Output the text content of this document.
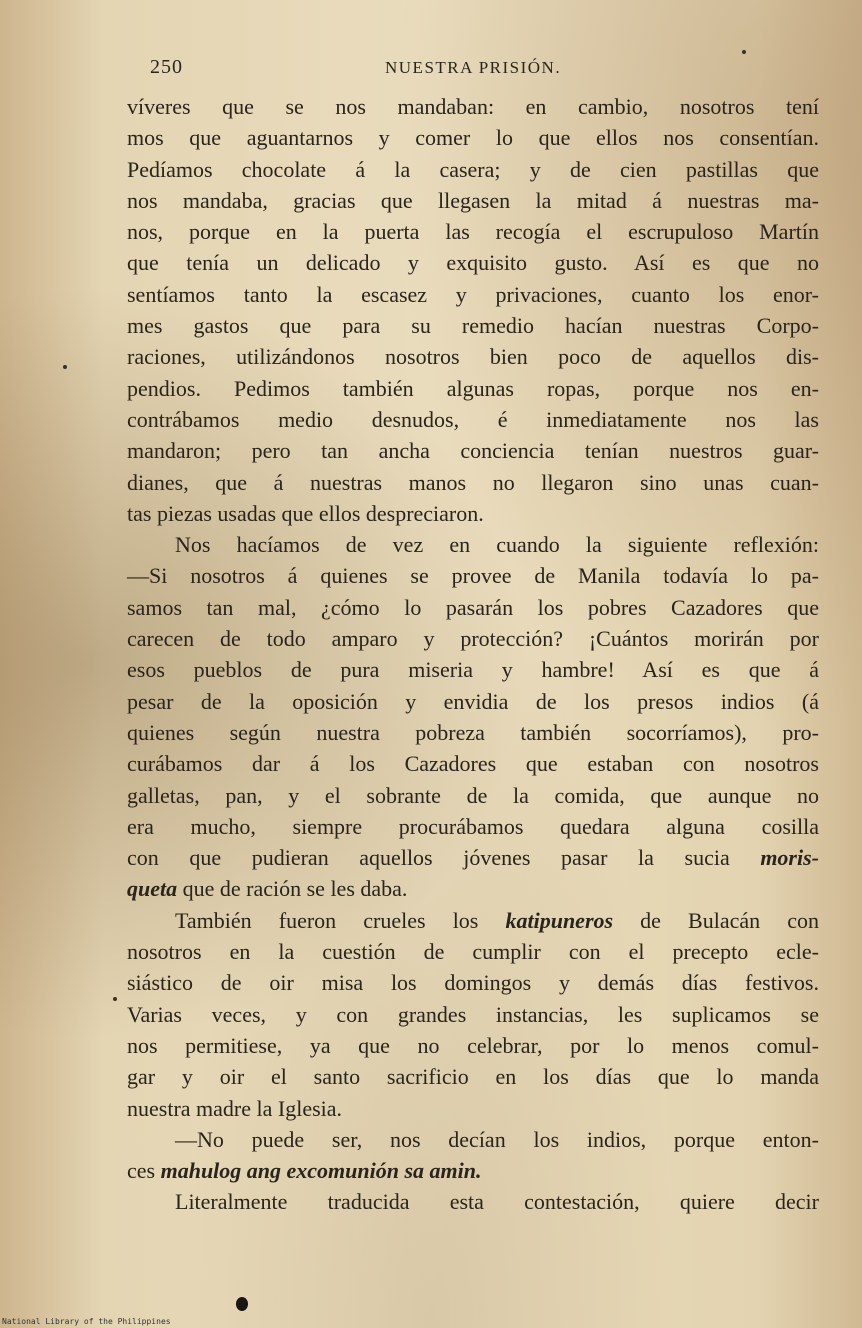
250	NUESTRA PRISIÓN.
víveres que se nos mandaban: en cambio, nosotros tení
mos que aguantarnos y comer lo que ellos nos consentían.
Pedíamos chocolate á la casera; y de cien pastillas que
nos mandaba, gracias que llegasen la mitad á nuestras ma-
nos, porque en la puerta las recogía el escrupuloso Martín
que tenía un delicado y exquisito gusto. Así es que no
sentíamos tanto la escasez y privaciones, cuanto los enor-
mes gastos que para su remedio hacían nuestras Corpo-
raciones, utilizándonos nosotros bien poco de aquellos dis-
pendios. Pedimos también algunas ropas, porque nos en-
contrábamos medio desnudos, é inmediatamente nos las
mandaron; pero tan ancha conciencia tenían nuestros guar-
dianes, que á nuestras manos no llegaron sino unas cuan-
tas piezas usadas que ellos despreciaron.
Nos hacíamos de vez en cuando la siguiente reflexión:
—Si nosotros á quienes se provee de Manila todavía lo pa-
samos tan mal, ¿cómo lo pasarán los pobres Cazadores que
carecen de todo amparo y protección? ¡Cuántos morirán por
esos pueblos de pura miseria y hambre! Así es que á
pesar de la oposición y envidia de los presos indios (á
quienes según nuestra pobreza también socorríamos), pro-
curábamos dar á los Cazadores que estaban con nosotros
galletas, pan, y el sobrante de la comida, que aunque no
era mucho, siempre procurábamos quedara alguna cosilla
con que pudieran aquellos jóvenes pasar la sucia moris-
queta que de ración se les daba.
También fueron crueles los katipuneros de Bulacán con
nosotros en la cuestión de cumplir con el precepto ecle-
siástico de oir misa los domingos y demás días festivos.
Varias veces, y con grandes instancias, les suplicamos se
nos permitiese, ya que no celebrar, por lo menos comul-
gar y oir el santo sacrificio en los días que lo manda
nuestra madre la Iglesia.
—No puede ser, nos decían los indios, porque enton-
ces mahulog ang excomunión sa amin.
Literalmente traducida esta contestación, quiere decir
National Library of the Philippines
